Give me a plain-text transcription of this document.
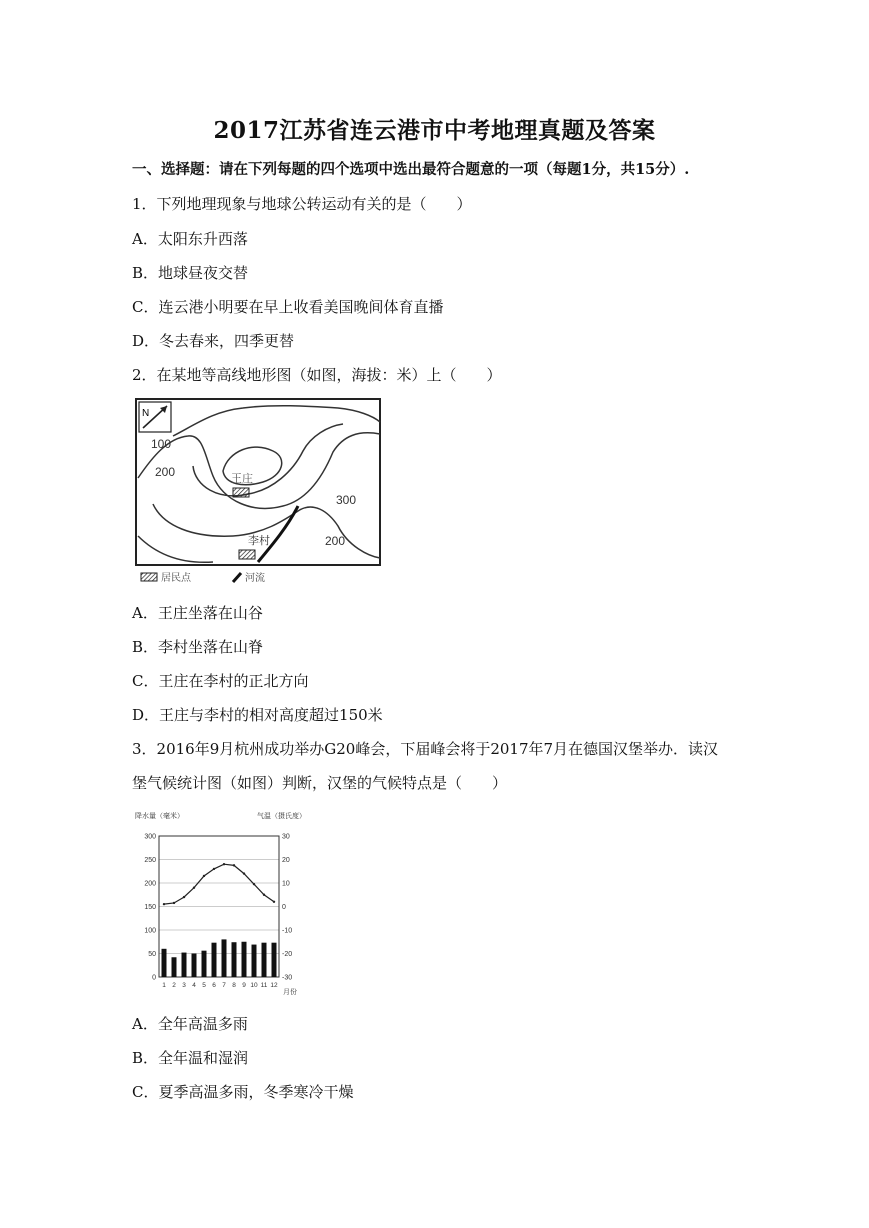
2017江苏省连云港市中考地理真题及答案
一、选择题：请在下列每题的四个选项中选出最符合题意的一项（每题1分，共15分）.
1．下列地理现象与地球公转运动有关的是（　　）
A．太阳东升西落
B．地球昼夜交替
C．连云港小明要在早上收看美国晚间体育直播
D．冬去春来，四季更替
2．在某地等高线地形图（如图，海拔：米）上（　　）
N
100
200
300
200
王庄
李村
居民点	河流
A．王庄坐落在山谷
B．李村坐落在山脊
C．王庄在李村的正北方向
D．王庄与李村的相对高度超过150米
3．2016年9月杭州成功举办G20峰会，下届峰会将于2017年7月在德国汉堡举办．读汉
堡气候统计图（如图）判断，汉堡的气候特点是（　　）
降水量（毫米）	气温（摄氏度）
月份
300
250
200
150
100
50
0
30
20
10
0
-10
-20
-30
1 2 3 4 5 6 7 8 9 10 11 12
A．全年高温多雨
B．全年温和湿润
C．夏季高温多雨，冬季寒冷干燥
